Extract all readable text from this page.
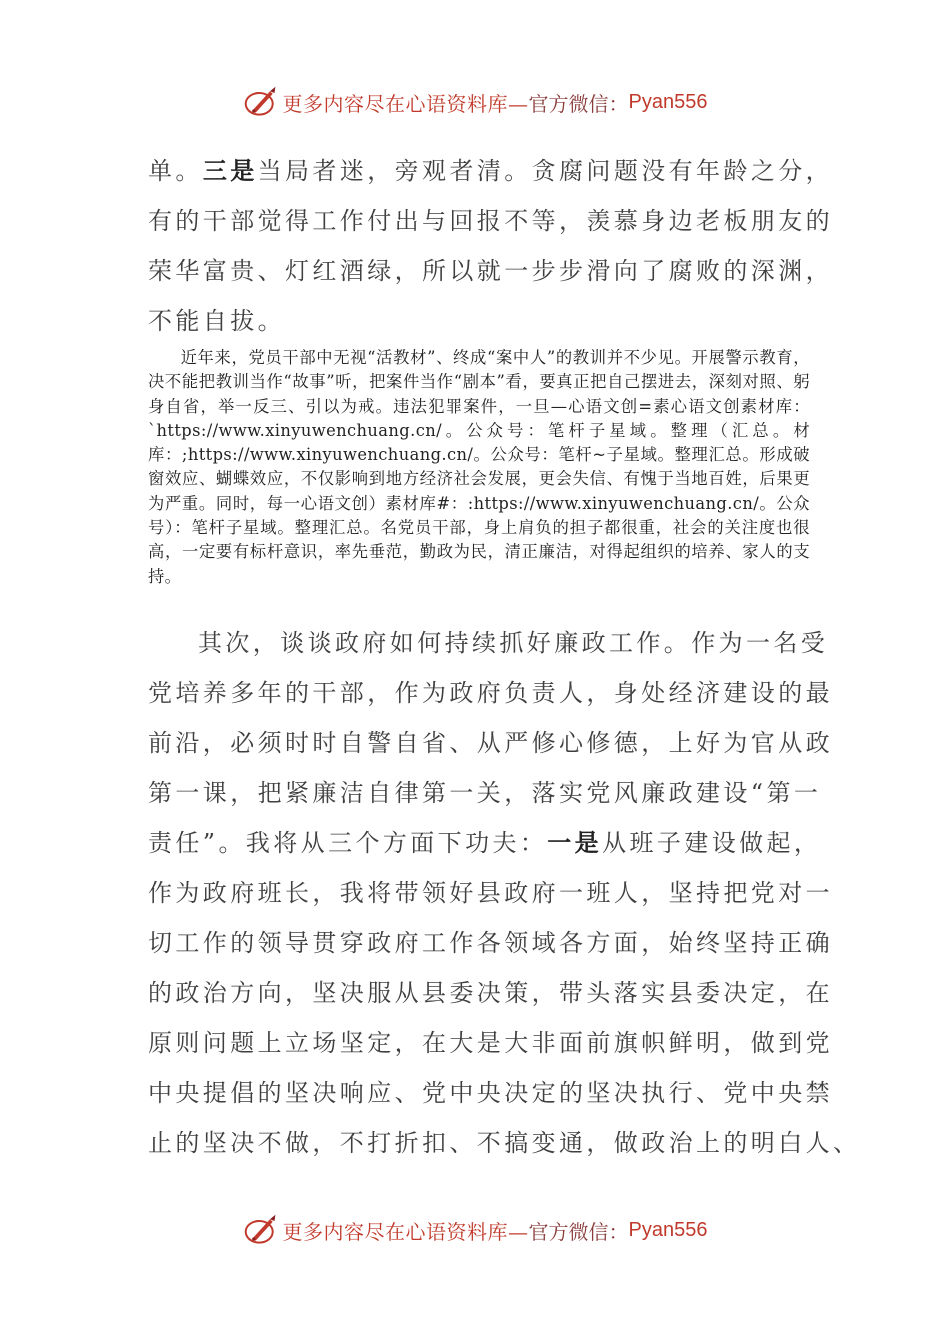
更多内容尽在心语资料库— 官方微信： Pyan556

单。三是当局者迷，旁观者清。贪腐问题没有年龄之分，

有的干部觉得工作付出与回报不等，羡慕身边老板朋友的

荣华富贵、灯红酒绿，所以就一步步滑向了腐败的深渊，

不能自拔。

近年来，党员干部中无视“活教材”、终成“案中人”的教训并不少见。开展警示教育，决不能把教训当作“故事”听，把案件当作“剧本”看，要真正把自己摆进去，深刻对照、躬身自省，举一反三、引以为戒。违法犯罪案件，一旦—心语文创=素心语文创素材库：`https://www.xinyuwenchuang.cn/。公众号：笔杆子星域。整理（汇总。材库：;https://www.xinyuwenchuang.cn/。公众号：笔杆~子星域。整理汇总。形成破窗效应、蝴蝶效应，不仅影响到地方经济社会发展，更会失信、有愧于当地百姓，后果更为严重。同时，每一心语文创）素材库#：:https://www.xinyuwenchuang.cn/。公众号）：笔杆子星域。整理汇总。名党员干部，身上肩负的担子都很重，社会的关注度也很高，一定要有标杆意识，率先垂范，勤政为民，清正廉洁，对得起组织的培养、家人的支持。

其次，谈谈政府如何持续抓好廉政工作。作为一名受

党培养多年的干部，作为政府负责人，身处经济建设的最

前沿，必须时时自警自省、从严修心修德，上好为官从政

第一课，把紧廉洁自律第一关，落实党风廉政建设“第一

责任”。我将从三个方面下功夫：一是从班子建设做起，

作为政府班长，我将带领好县政府一班人，坚持把党对一

切工作的领导贯穿政府工作各领域各方面，始终坚持正确

的政治方向，坚决服从县委决策，带头落实县委决定，在

原则问题上立场坚定，在大是大非面前旗帜鲜明，做到党

中央提倡的坚决响应、党中央决定的坚决执行、党中央禁

止的坚决不做，不打折扣、不搞变通，做政治上的明白人、

更多内容尽在心语资料库— 官方微信： Pyan556
